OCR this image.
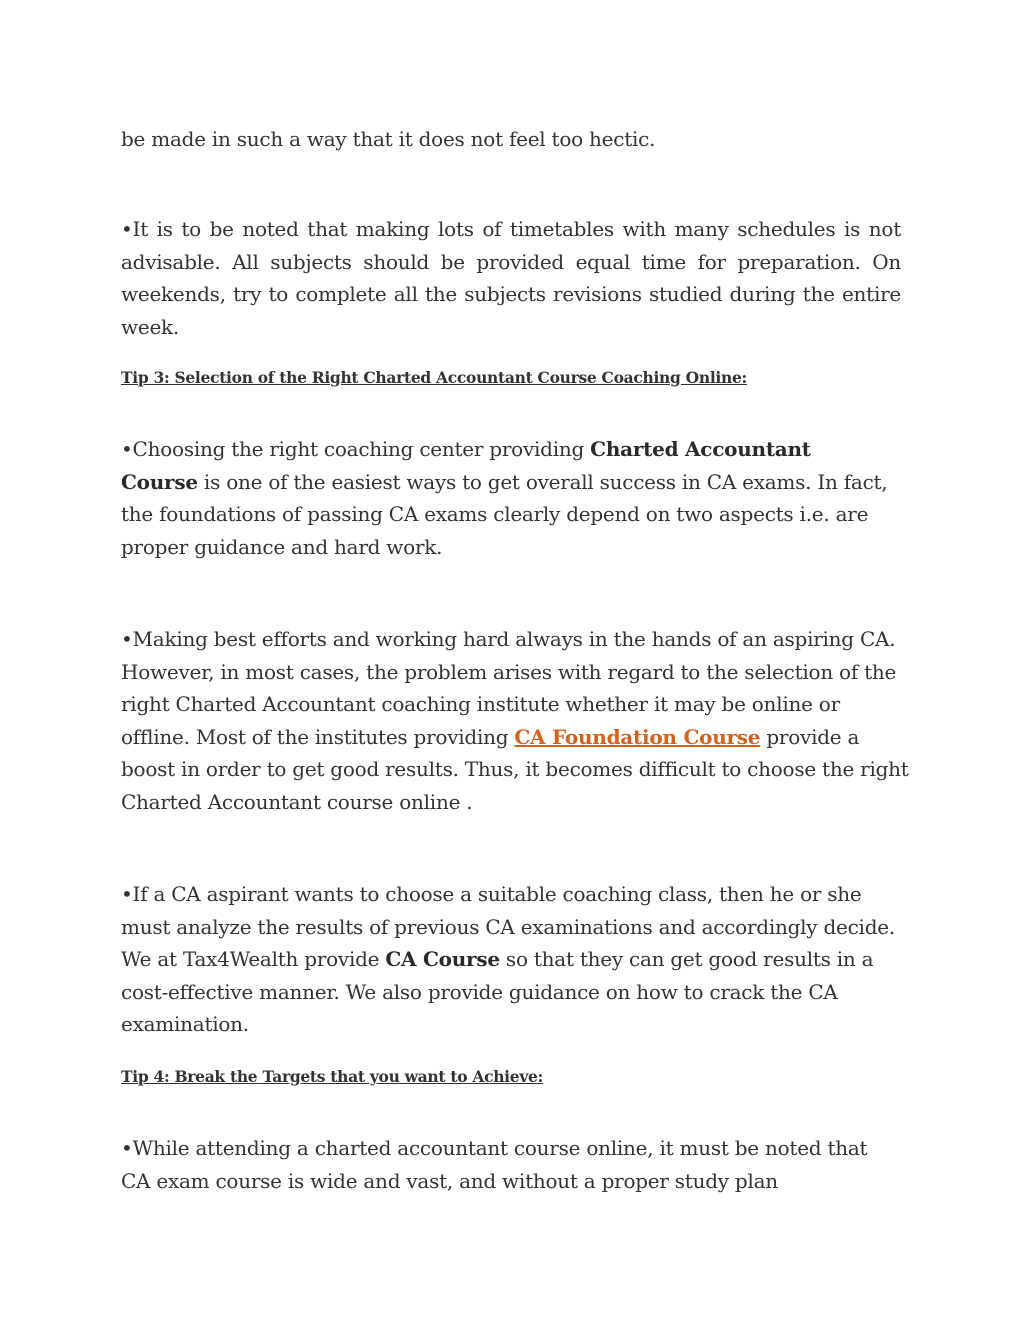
be made in such a way that it does not feel too hectic.

•It is to be noted that making lots of timetables with many schedules is not advisable. All subjects should be provided equal time for preparation. On weekends, try to complete all the subjects revisions studied during the entire week.

Tip 3: Selection of the Right Charted Accountant Course Coaching Online:

•Choosing the right coaching center providing Charted Accountant Course is one of the easiest ways to get overall success in CA exams. In fact, the foundations of passing CA exams clearly depend on two aspects i.e. are proper guidance and hard work.

•Making best efforts and working hard always in the hands of an aspiring CA. However, in most cases, the problem arises with regard to the selection of the right Charted Accountant coaching institute whether it may be online or offline. Most of the institutes providing CA Foundation Course provide a boost in order to get good results. Thus, it becomes difficult to choose the right Charted Accountant course online .

•If a CA aspirant wants to choose a suitable coaching class, then he or she must analyze the results of previous CA examinations and accordingly decide. We at Tax4Wealth provide CA Course so that they can get good results in a cost-effective manner. We also provide guidance on how to crack the CA examination.

Tip 4: Break the Targets that you want to Achieve:

•While attending a charted accountant course online, it must be noted that CA exam course is wide and vast, and without a proper study plan
